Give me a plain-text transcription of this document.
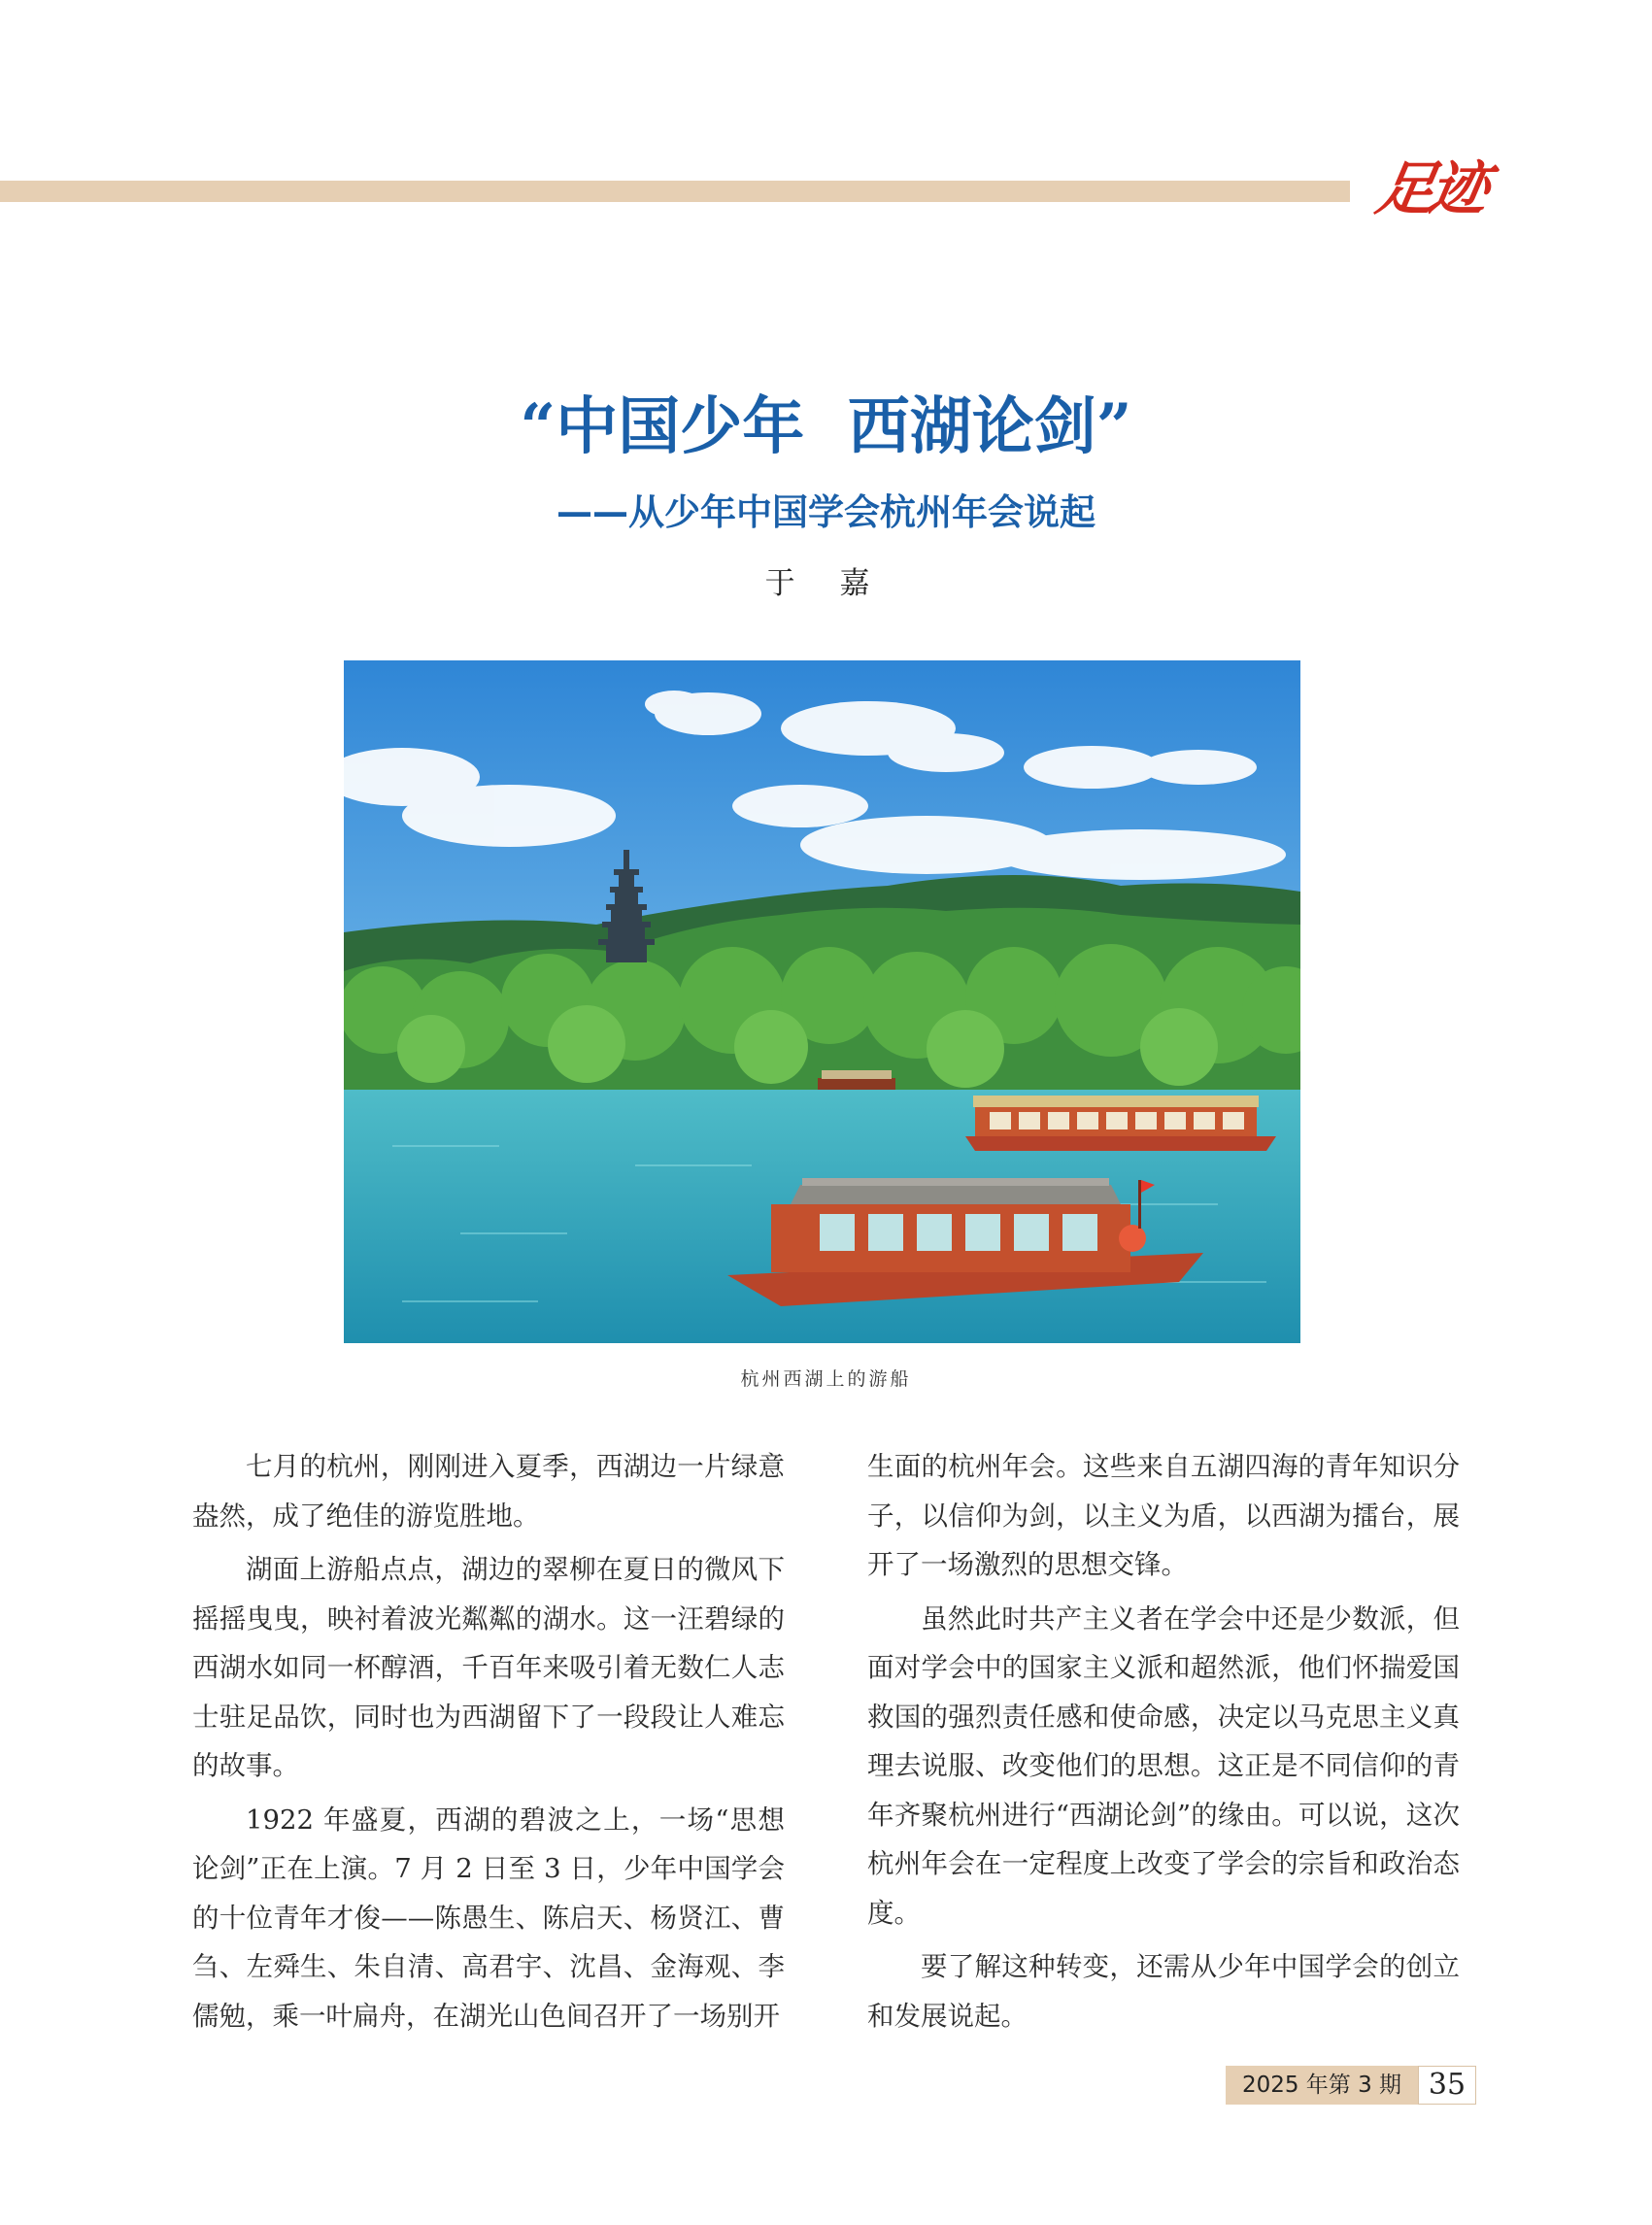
足迹
“中国少年  西湖论剑”
——从少年中国学会杭州年会说起
于 嘉
杭州西湖上的游船

七月的杭州，刚刚进入夏季，西湖边一片绿意盎然，成了绝佳的游览胜地。

湖面上游船点点，湖边的翠柳在夏日的微风下摇摇曳曳，映衬着波光粼粼的湖水。这一汪碧绿的西湖水如同一杯醇酒，千百年来吸引着无数仁人志士驻足品饮，同时也为西湖留下了一段段让人难忘的故事。

1922 年盛夏，西湖的碧波之上，一场“思想论剑”正在上演。7 月 2 日至 3 日，少年中国学会的十位青年才俊——陈愚生、陈启天、杨贤江、曹刍、左舜生、朱自清、高君宇、沈昌、金海观、李儒勉，乘一叶扁舟，在湖光山色间召开了一场别开

生面的杭州年会。这些来自五湖四海的青年知识分子，以信仰为剑，以主义为盾，以西湖为擂台，展开了一场激烈的思想交锋。

虽然此时共产主义者在学会中还是少数派，但面对学会中的国家主义派和超然派，他们怀揣爱国救国的强烈责任感和使命感，决定以马克思主义真理去说服、改变他们的思想。这正是不同信仰的青年齐聚杭州进行“西湖论剑”的缘由。可以说，这次杭州年会在一定程度上改变了学会的宗旨和政治态度。

要了解这种转变，还需从少年中国学会的创立和发展说起。

2025 年第 3 期 35
